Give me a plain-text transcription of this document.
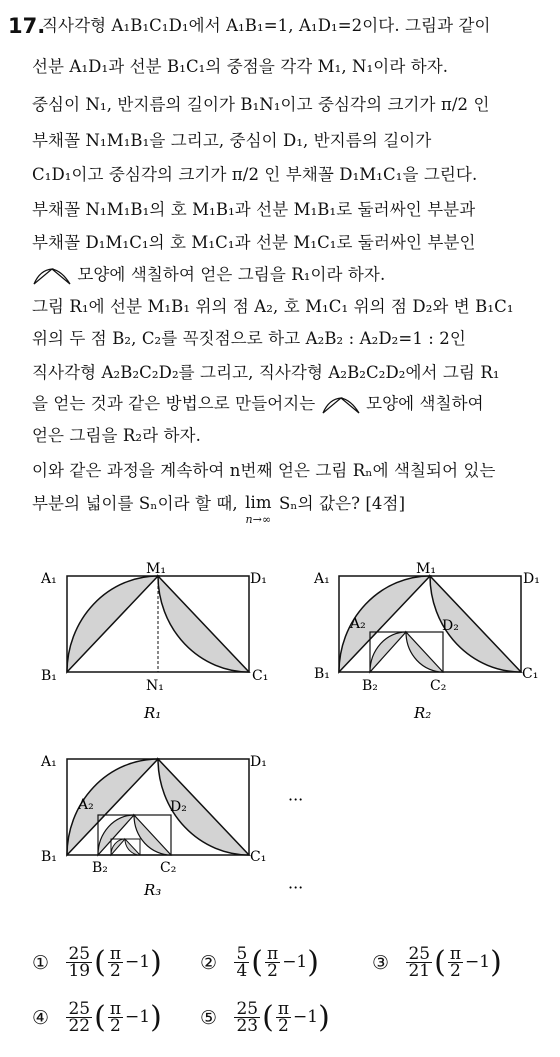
17.
직사각형 A₁B₁C₁D₁에서 A₁B₁=1, A₁D₁=2이다. 그림과 같이
선분 A₁D₁과 선분 B₁C₁의 중점을 각각 M₁, N₁이라 하자.
중심이 N₁, 반지름의 길이가 B₁N₁이고 중심각의 크기가 π/2 인
부채꼴 N₁M₁B₁을 그리고, 중심이 D₁, 반지름의 길이가
C₁D₁이고 중심각의 크기가 π/2 인 부채꼴 D₁M₁C₁을 그린다.
부채꼴 N₁M₁B₁의 호 M₁B₁과 선분 M₁B₁로 둘러싸인 부분과
부채꼴 D₁M₁C₁의 호 M₁C₁과 선분 M₁C₁로 둘러싸인 부분인
모양에 색칠하여 얻은 그림을 R₁이라 하자.
그림 R₁에 선분 M₁B₁ 위의 점 A₂, 호 M₁C₁ 위의 점 D₂와 변 B₁C₁
위의 두 점 B₂, C₂를 꼭짓점으로 하고 A₂B₂ : A₂D₂=1 : 2인
직사각형 A₂B₂C₂D₂를 그리고, 직사각형 A₂B₂C₂D₂에서 그림 R₁
을 얻는 것과 같은 방법으로 만들어지는	모양에 색칠하여
얻은 그림을 R₂라 하자.
이와 같은 과정을 계속하여 n번째 얻은 그림 Rₙ에 색칠되어 있는
부분의 넓이를 Sₙ이라 할 때, lim
n→∞
Sₙ의 값은? [4점]
A₁
M₁
D₁
B₁
N₁
C₁
R₁
A₁
M₁
D₁
B₁	C₁
A₂	D₂
B₂	C₂
R₂
A₁	D₁
B₁	C₁
A₂	D₂
B₂	C₂
···
···
R₃
① $\frac{25}{19}$ ( $\frac{\pi}{2} -1$) ② $\frac{5}{4}$ ( $\frac{\pi}{2} -1$)	③ $\frac{25}{21}$ ( $\frac{\pi}{2} -1$)
④ $\frac{25}{22}$ ( $\frac{\pi}{2} -1$) ⑤ $\frac{25}{23}$ ( $\frac{\pi}{2} -1$)
